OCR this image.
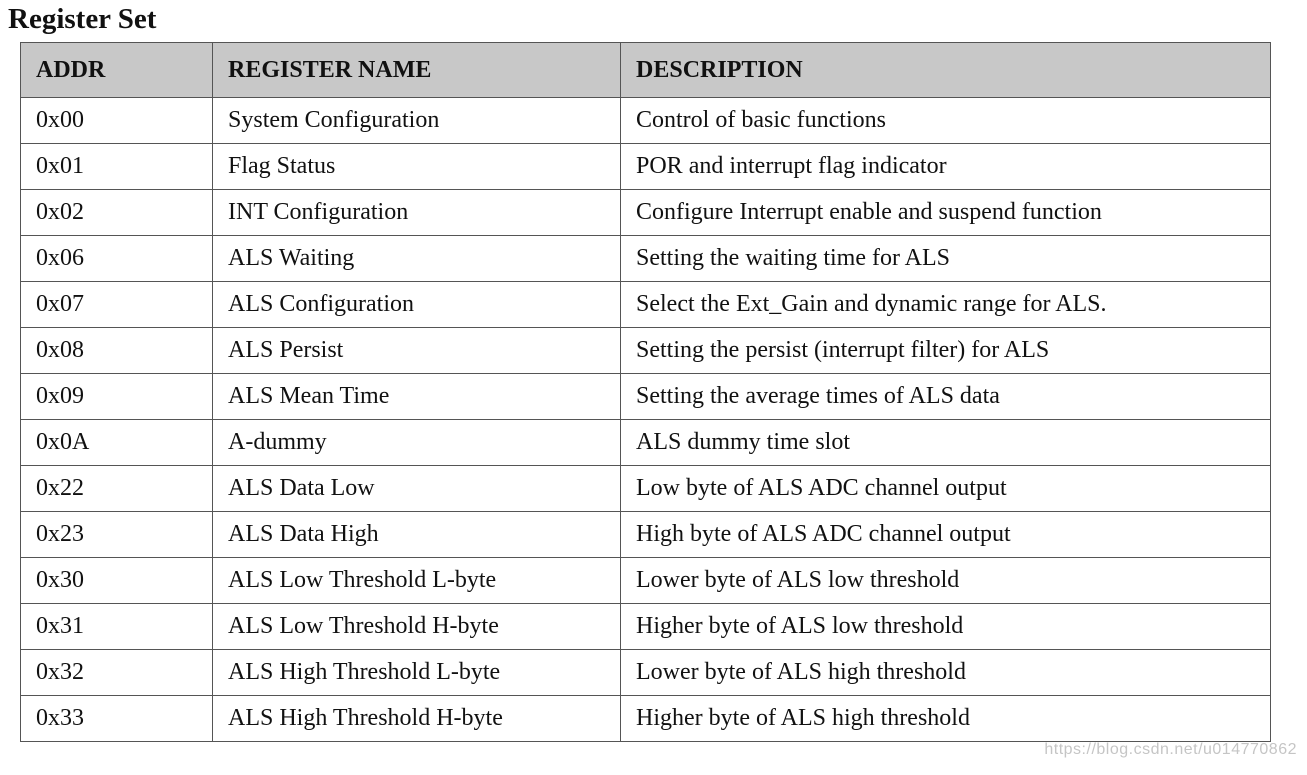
Register Set
ADDR	REGISTER NAME	DESCRIPTION
0x00	System Configuration	Control of basic functions
0x01	Flag Status	POR and interrupt flag indicator
0x02	INT Configuration	Configure Interrupt enable and suspend function
0x06	ALS Waiting	Setting the waiting time for ALS
0x07	ALS Configuration	Select the Ext_Gain and dynamic range for ALS.
0x08	ALS Persist	Setting the persist (interrupt filter) for ALS
0x09	ALS Mean Time	Setting the average times of ALS data
0x0A	A-dummy	ALS dummy time slot
0x22	ALS Data Low	Low byte of ALS ADC channel output
0x23	ALS Data High	High byte of ALS ADC channel output
0x30	ALS Low Threshold L-byte	Lower byte of ALS low threshold
0x31	ALS Low Threshold H-byte	Higher byte of ALS low threshold
0x32	ALS High Threshold L-byte	Lower byte of ALS high threshold
0x33	ALS High Threshold H-byte	Higher byte of ALS high threshold
https://blog.csdn.net/u014770862
